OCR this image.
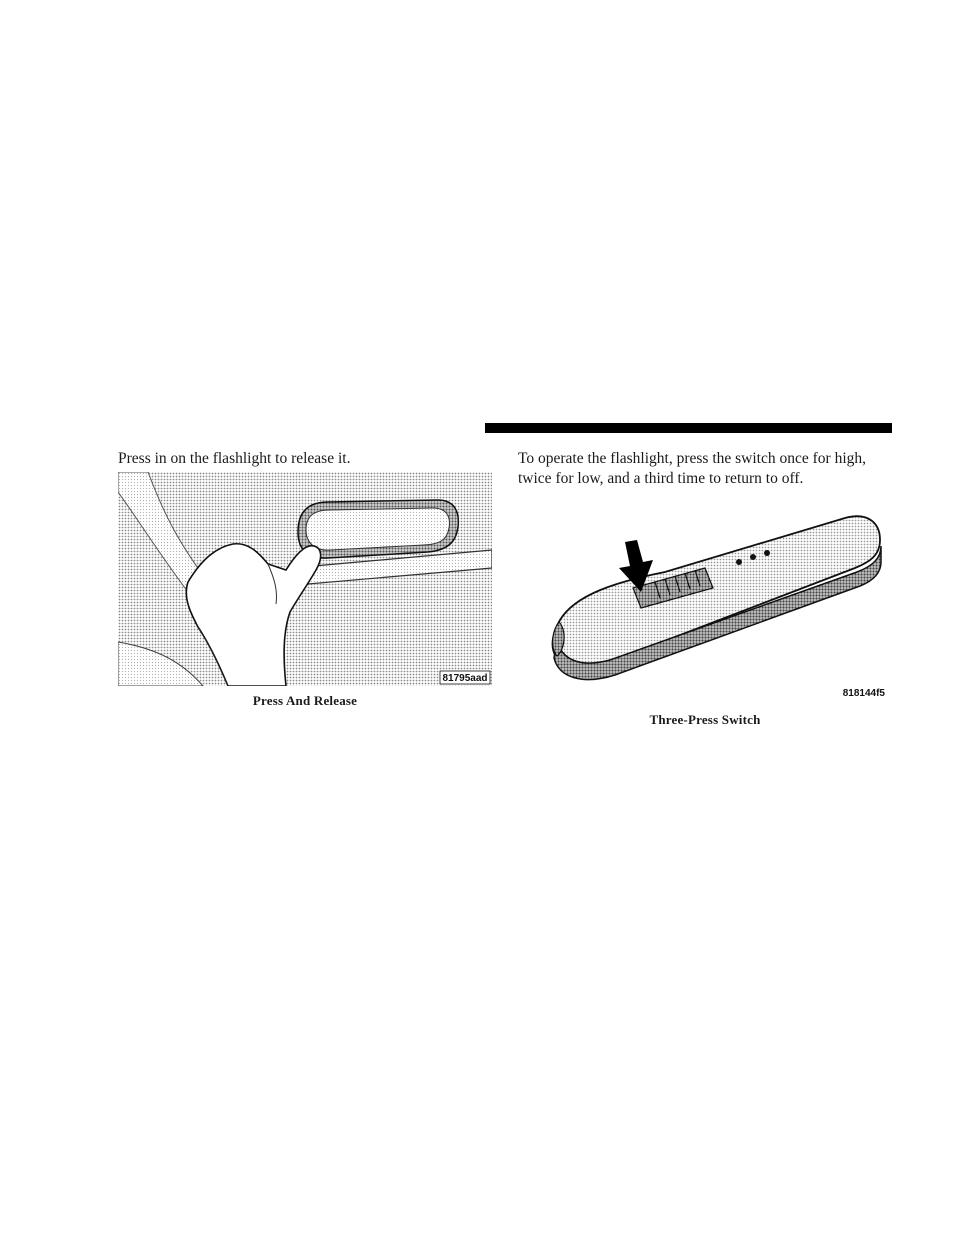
Press in on the flashlight to release it.

81795aad
Press And Release

To operate the flashlight, press the switch once for high, twice for low, and a third time to return to off.

818144f5
Three-Press Switch
